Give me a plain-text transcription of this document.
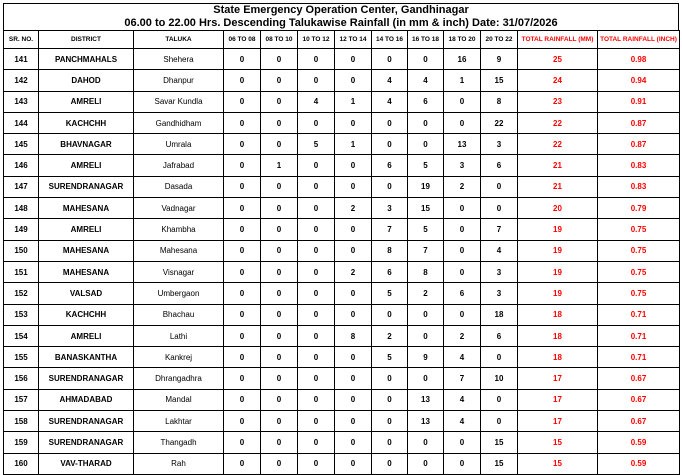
State Emergency Operation Center, Gandhinagar
06.00 to 22.00 Hrs. Descending Talukawise Rainfall (in mm & inch) Date: 31/07/2026
SR. NO.	DISTRICT	TALUKA	06 TO 08	08 TO 10	10 TO 12	12 TO 14	14 TO 16	16 TO 18	18 TO 20	20 TO 22	TOTAL RAINFALL (MM)	TOTAL RAINFALL (INCH)
141	PANCHMAHALS	Shehera	0	0	0	0	0	0	16	9	25	0.98
142	DAHOD	Dhanpur	0	0	0	0	4	4	1	15	24	0.94
143	AMRELI	Savar Kundla	0	0	4	1	4	6	0	8	23	0.91
144	KACHCHH	Gandhidham	0	0	0	0	0	0	0	22	22	0.87
145	BHAVNAGAR	Umrala	0	0	5	1	0	0	13	3	22	0.87
146	AMRELI	Jafrabad	0	1	0	0	6	5	3	6	21	0.83
147	SURENDRANAGAR	Dasada	0	0	0	0	0	19	2	0	21	0.83
148	MAHESANA	Vadnagar	0	0	0	2	3	15	0	0	20	0.79
149	AMRELI	Khambha	0	0	0	0	7	5	0	7	19	0.75
150	MAHESANA	Mahesana	0	0	0	0	8	7	0	4	19	0.75
151	MAHESANA	Visnagar	0	0	0	2	6	8	0	3	19	0.75
152	VALSAD	Umbergaon	0	0	0	0	5	2	6	3	19	0.75
153	KACHCHH	Bhachau	0	0	0	0	0	0	0	18	18	0.71
154	AMRELI	Lathi	0	0	0	8	2	0	2	6	18	0.71
155	BANASKANTHA	Kankrej	0	0	0	0	5	9	4	0	18	0.71
156	SURENDRANAGAR	Dhrangadhra	0	0	0	0	0	0	7	10	17	0.67
157	AHMADABAD	Mandal	0	0	0	0	0	13	4	0	17	0.67
158	SURENDRANAGAR	Lakhtar	0	0	0	0	0	13	4	0	17	0.67
159	SURENDRANAGAR	Thangadh	0	0	0	0	0	0	0	15	15	0.59
160	VAV-THARAD	Rah	0	0	0	0	0	0	0	15	15	0.59
